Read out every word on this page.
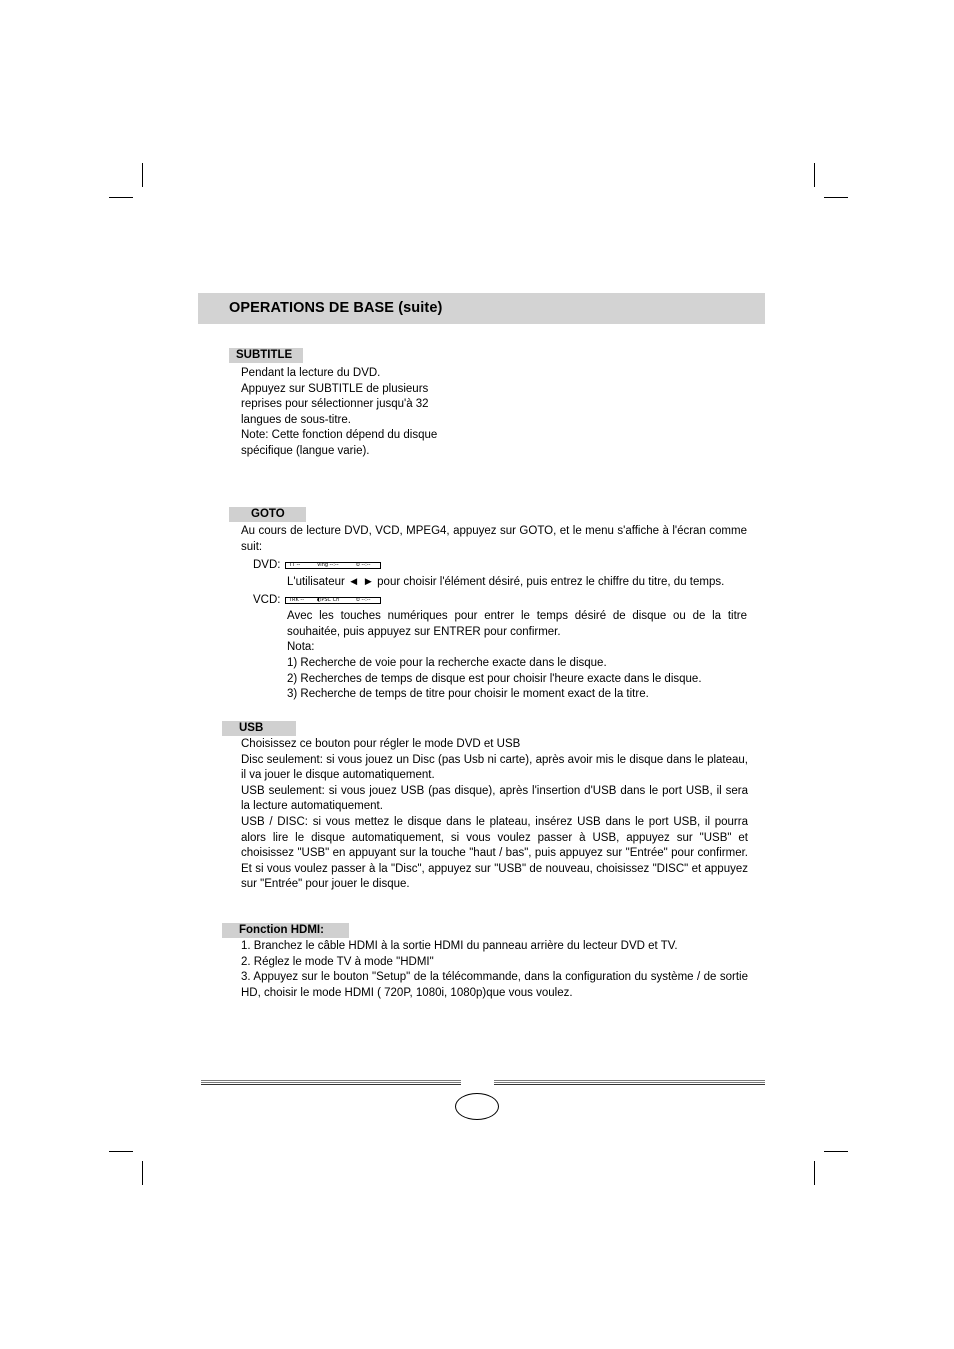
OPERATIONS DE BASE (suite)
SUBTITLE
Pendant la lecture du DVD.
Appuyez sur SUBTITLE de plusieurs
reprises pour sélectionner jusqu'à 32
langues de sous-titre.
Note: Cette fonction dépend du disque
spécifique (langue varie).
GOTO
Au cours de lecture DVD, VCD, MPEG4, appuyez sur GOTO, et le menu s'affiche à l'écran comme suit:
DVD: TT --	Ving --:--	⏲ --:--
L'utilisateur ◄ ► pour choisir l'élément désiré, puis entrez le chiffre du titre, du temps.
VCD: TRK --	◐PSC Ch	⏲ --:--
Avec les touches numériques pour entrer le temps désiré de disque ou de la titre souhaitée, puis appuyez sur ENTRER pour confirmer.
Nota:
1) Recherche de voie pour la recherche exacte dans le disque.
2) Recherches de temps de disque est pour choisir l'heure exacte dans le disque.
3) Recherche de temps de titre pour choisir le moment exact de la titre.
USB
Choisissez ce bouton pour régler le mode DVD et USB
Disc seulement: si vous jouez un Disc (pas Usb ni carte), après avoir mis le disque dans le plateau, il va jouer le disque automatiquement.
USB seulement: si vous jouez USB (pas disque), après l'insertion d'USB dans le port USB, il sera la lecture automatiquement.
USB / DISC: si vous mettez le disque dans le plateau, insérez USB dans le port USB, il pourra alors lire le disque automatiquement, si vous voulez passer à USB, appuyez sur "USB" et choisissez "USB" en appuyant sur la touche "haut / bas", puis appuyez sur "Entrée" pour confirmer. Et si vous voulez passer à la "Disc", appuyez sur "USB" de nouveau, choisissez "DISC" et appuyez sur "Entrée" pour jouer le disque.
Fonction HDMI:
1. Branchez le câble HDMI à la sortie HDMI du panneau arrière du lecteur DVD et TV.
2. Réglez le mode TV à mode "HDMI"
3. Appuyez sur le bouton "Setup" de la télécommande, dans la configuration du système / de sortie HD, choisir le mode HDMI ( 720P, 1080i, 1080p)que vous voulez.
